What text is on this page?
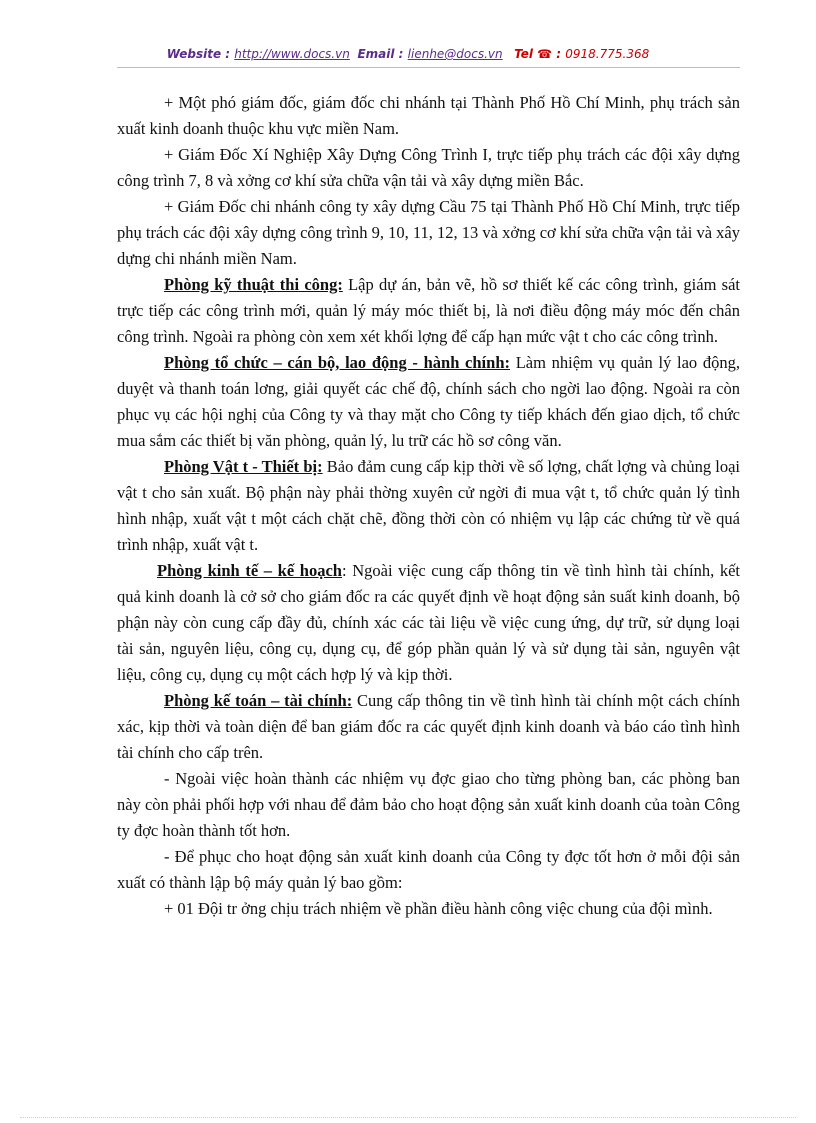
Website : http://www.docs.vn Email : lienhe@docs.vn Tel ☎ : 0918.775.368

+ Một phó giám đốc, giám đốc chi nhánh tại Thành Phố Hồ Chí Minh, phụ trách sản xuất kinh doanh thuộc khu vực miền Nam.

+ Giám Đốc Xí Nghiệp Xây Dựng Công Trình I, trực tiếp phụ trách các đội xây dựng công trình 7, 8 và xởng cơ khí sửa chữa vận tải và xây dựng miền Bắc.

+ Giám Đốc chi nhánh công ty xây dựng Cầu 75 tại Thành Phố Hồ Chí Minh, trực tiếp phụ trách các đội xây dựng công trình 9, 10, 11, 12, 13 và xởng cơ khí sửa chữa vận tải và xây dựng chi nhánh miền Nam.

Phòng kỹ thuật thi công: Lập dự án, bản vẽ, hồ sơ thiết kế các công trình, giám sát trực tiếp các công trình mới, quản lý máy móc thiết bị, là nơi điều động máy móc đến chân công trình. Ngoài ra phòng còn xem xét khối lợng để cấp hạn mức vật t cho các công trình.

Phòng tổ chức – cán bộ, lao động - hành chính: Làm nhiệm vụ quản lý lao động, duyệt và thanh toán lơng, giải quyết các chế độ, chính sách cho ngời lao động. Ngoài ra còn phục vụ các hội nghị của Công ty và thay mặt cho Công ty tiếp khách đến giao dịch, tổ chức mua sắm các thiết bị văn phòng, quản lý, lu trữ các hồ sơ công văn.

Phòng Vật t - Thiết bị: Bảo đảm cung cấp kịp thời về số lợng, chất lợng và chủng loại vật t cho sản xuất. Bộ phận này phải thờng xuyên cử ngời đi mua vật t, tổ chức quản lý tình hình nhập, xuất vật t một cách chặt chẽ, đồng thời còn có nhiệm vụ lập các chứng từ về quá trình nhập, xuất vật t.

Phòng kinh tế – kế hoạch: Ngoài việc cung cấp thông tin về tình hình tài chính, kết quả kinh doanh là cở sở cho giám đốc ra các quyết định về hoạt động sản suất kinh doanh, bộ phận này còn cung cấp đầy đủ, chính xác các tài liệu về việc cung ứng, dự trữ, sử dụng loại tài sản, nguyên liệu, công cụ, dụng cụ, để góp phần quản lý và sử dụng tài sản, nguyên vật liệu, công cụ, dụng cụ một cách hợp lý và kịp thời.

Phòng kế toán – tài chính: Cung cấp thông tin về tình hình tài chính một cách chính xác, kịp thời và toàn diện để ban giám đốc ra các quyết định kinh doanh và báo cáo tình hình tài chính cho cấp trên.

- Ngoài việc hoàn thành các nhiệm vụ đợc giao cho từng phòng ban, các phòng ban này còn phải phối hợp với nhau để đảm bảo cho hoạt động sản xuất kinh doanh của toàn Công ty đợc hoàn thành tốt hơn.

- Để phục cho hoạt động sản xuất kinh doanh của Công ty đợc tốt hơn ở mỗi đội sản xuất có thành lập bộ máy quản lý bao gồm:

+ 01 Đội tr ởng chịu trách nhiệm về phần điều hành công việc chung của đội mình.
